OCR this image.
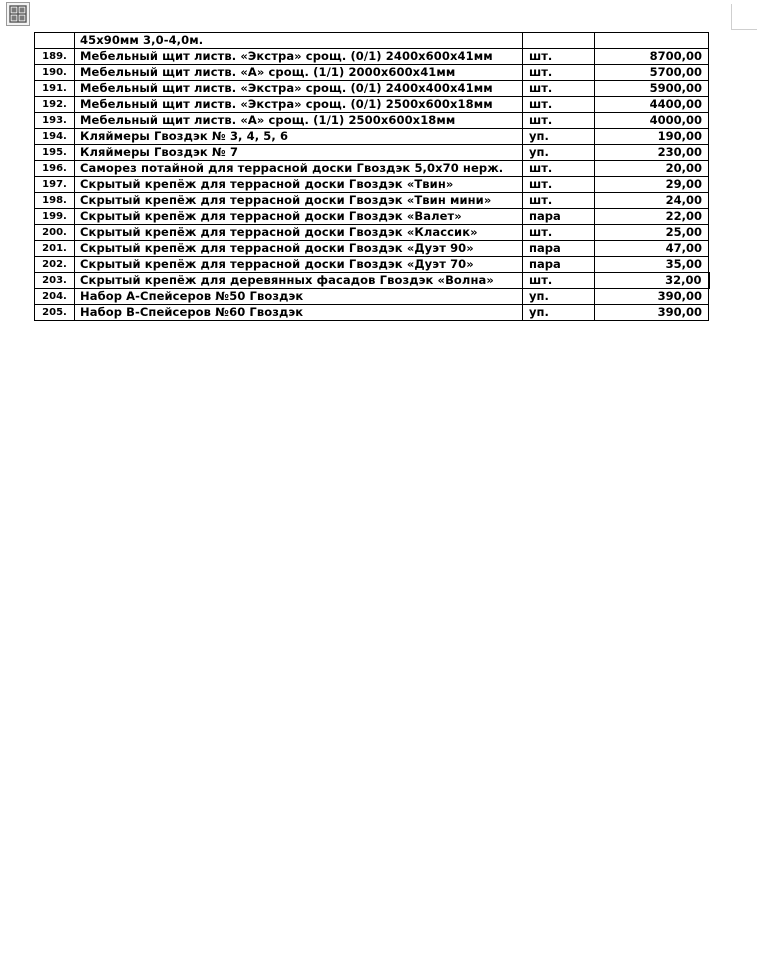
	45х90мм 3,0-4,0м.		
189.	Мебельный щит листв. «Экстра» срощ. (0/1) 2400х600х41мм	шт.	8700,00
190.	Мебельный щит листв. «А» срощ. (1/1) 2000х600х41мм	шт.	5700,00
191.	Мебельный щит листв. «Экстра» срощ. (0/1) 2400х400х41мм	шт.	5900,00
192.	Мебельный щит листв. «Экстра» срощ. (0/1) 2500х600х18мм	шт.	4400,00
193.	Мебельный щит листв. «А» срощ. (1/1) 2500х600х18мм	шт.	4000,00
194.	Кляймеры Гвоздэк № 3, 4, 5, 6	уп.	190,00
195.	Кляймеры Гвоздэк № 7	уп.	230,00
196.	Саморез потайной для террасной доски Гвоздэк 5,0х70 нерж.	шт.	20,00
197.	Скрытый крепёж для террасной доски Гвоздэк «Твин»	шт.	29,00
198.	Скрытый крепёж для террасной доски Гвоздэк «Твин мини»	шт.	24,00
199.	Скрытый крепёж для террасной доски Гвоздэк «Валет»	пара	22,00
200.	Скрытый крепёж для террасной доски Гвоздэк «Классик»	шт.	25,00
201.	Скрытый крепёж для террасной доски Гвоздэк «Дуэт 90»	пара	47,00
202.	Скрытый крепёж для террасной доски Гвоздэк «Дуэт 70»	пара	35,00
203.	Скрытый крепёж для деревянных фасадов Гвоздэк «Волна»	шт.	32,00
204.	Набор А-Спейсеров №50 Гвоздэк	уп.	390,00
205.	Набор В-Спейсеров №60 Гвоздэк	уп.	390,00
